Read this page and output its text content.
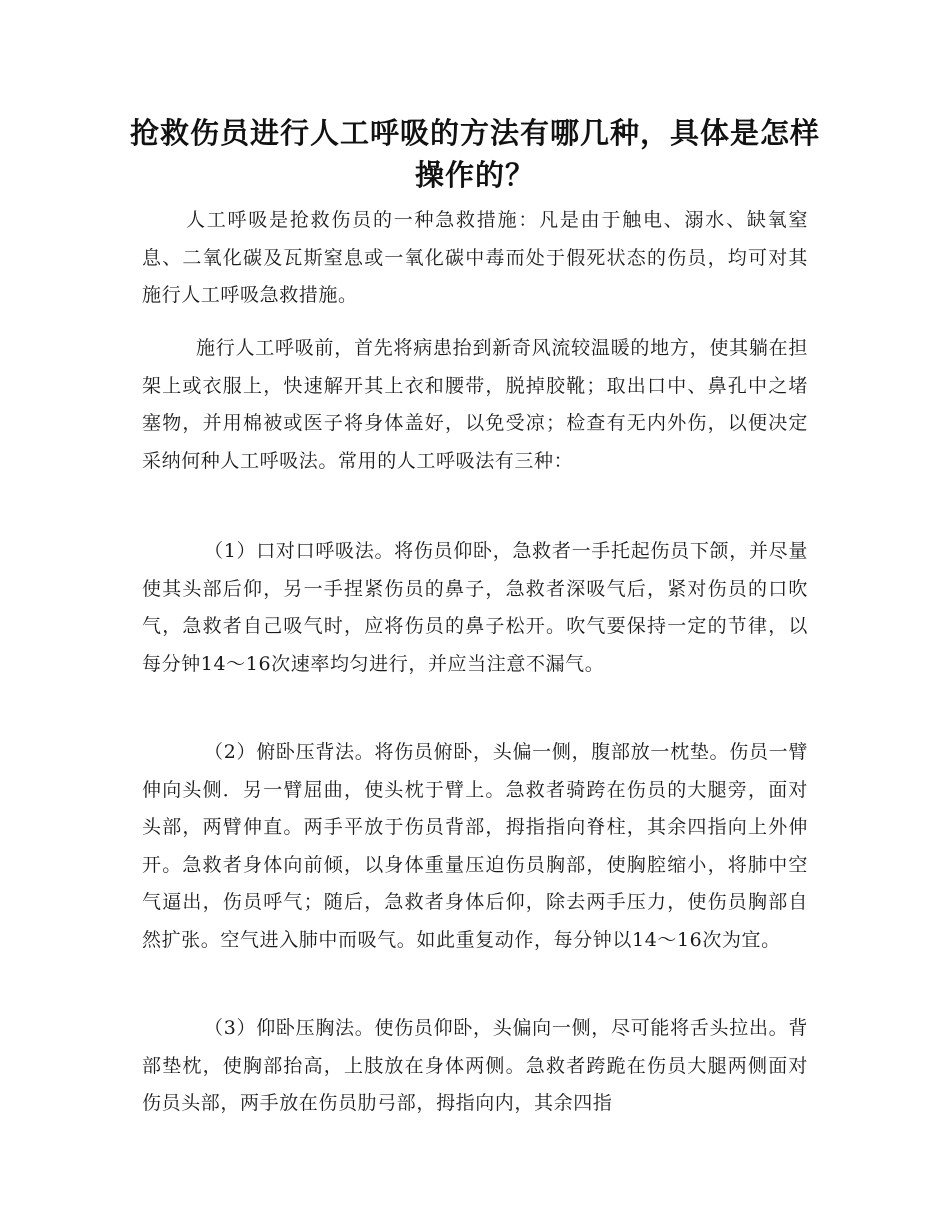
抢救伤员进行人工呼吸的方法有哪几种，具体是怎样操作的？

人工呼吸是抢救伤员的一种急救措施：凡是由于触电、溺水、缺氧窒息、二氧化碳及瓦斯窒息或一氧化碳中毒而处于假死状态的伤员，均可对其施行人工呼吸急救措施。

施行人工呼吸前，首先将病患抬到新奇风流较温暖的地方，使其躺在担架上或衣服上，快速解开其上衣和腰带，脱掉胶靴；取出口中、鼻孔中之堵塞物，并用棉被或医子将身体盖好，以免受凉；检查有无内外伤，以便决定采纳何种人工呼吸法。常用的人工呼吸法有三种：

（1）口对口呼吸法。将伤员仰卧，急救者一手托起伤员下颌，并尽量使其头部后仰，另一手捏紧伤员的鼻子，急救者深吸气后，紧对伤员的口吹气，急救者自己吸气时，应将伤员的鼻子松开。吹气要保持一定的节律，以每分钟14～16次速率均匀进行，并应当注意不漏气。

（2）俯卧压背法。将伤员俯卧，头偏一侧，腹部放一枕垫。伤员一臂伸向头侧．另一臂屈曲，使头枕于臂上。急救者骑跨在伤员的大腿旁，面对头部，两臂伸直。两手平放于伤员背部，拇指指向脊柱，其余四指向上外伸开。急救者身体向前倾，以身体重量压迫伤员胸部，使胸腔缩小，将肺中空气逼出，伤员呼气；随后，急救者身体后仰，除去两手压力，使伤员胸部自然扩张。空气进入肺中而吸气。如此重复动作，每分钟以14～16次为宜。

（3）仰卧压胸法。使伤员仰卧，头偏向一侧，尽可能将舌头拉出。背部垫枕，使胸部抬高，上肢放在身体两侧。急救者跨跪在伤员大腿两侧面对伤员头部，两手放在伤员肋弓部，拇指向内，其余四指
